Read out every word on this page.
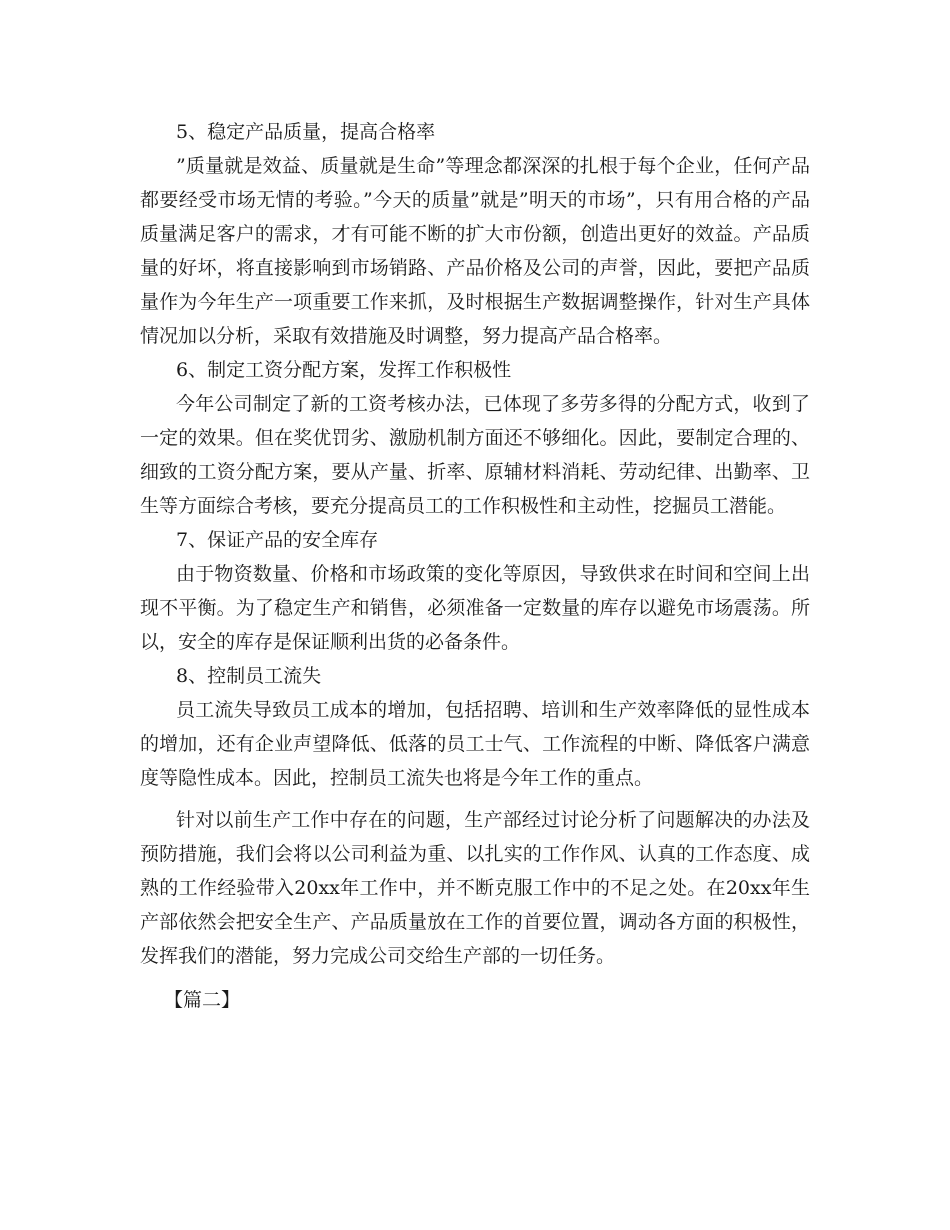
5、稳定产品质量，提高合格率

”质量就是效益、质量就是生命”等理念都深深的扎根于每个企业，任何产品都要经受市场无情的考验。”今天的质量”就是”明天的市场”，只有用合格的产品质量满足客户的需求，才有可能不断的扩大市份额，创造出更好的效益。产品质量的好坏，将直接影响到市场销路、产品价格及公司的声誉，因此，要把产品质量作为今年生产一项重要工作来抓，及时根据生产数据调整操作，针对生产具体情况加以分析，采取有效措施及时调整，努力提高产品合格率。

6、制定工资分配方案，发挥工作积极性

今年公司制定了新的工资考核办法，已体现了多劳多得的分配方式，收到了一定的效果。但在奖优罚劣、激励机制方面还不够细化。因此，要制定合理的、细致的工资分配方案，要从产量、折率、原辅材料消耗、劳动纪律、出勤率、卫生等方面综合考核，要充分提高员工的工作积极性和主动性，挖掘员工潜能。

7、保证产品的安全库存

由于物资数量、价格和市场政策的变化等原因，导致供求在时间和空间上出现不平衡。为了稳定生产和销售，必须准备一定数量的库存以避免市场震荡。所以，安全的库存是保证顺利出货的必备条件。

8、控制员工流失

员工流失导致员工成本的增加，包括招聘、培训和生产效率降低的显性成本的增加，还有企业声望降低、低落的员工士气、工作流程的中断、降低客户满意度等隐性成本。因此，控制员工流失也将是今年工作的重点。

针对以前生产工作中存在的问题，生产部经过讨论分析了问题解决的办法及预防措施，我们会将以公司利益为重、以扎实的工作作风、认真的工作态度、成熟的工作经验带入20xx年工作中，并不断克服工作中的不足之处。在20xx年生产部依然会把安全生产、产品质量放在工作的首要位置，调动各方面的积极性，发挥我们的潜能，努力完成公司交给生产部的一切任务。

【篇二】
